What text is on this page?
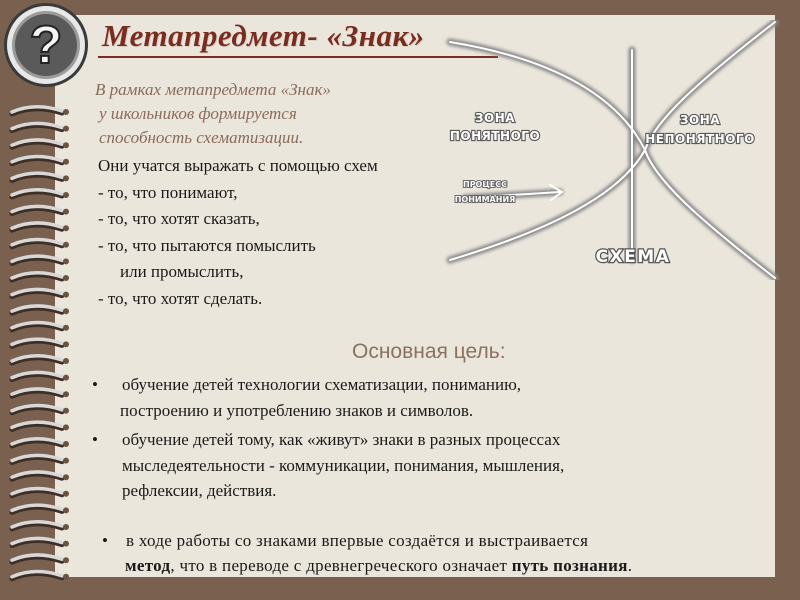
? Метапредмет- «Знак»
ЗОНА
ПОНЯТНОГО
ЗОНА
НЕПОНЯТНОГО
ПРОЦЕСС
ПОНИМАНИЯ
СХЕМА
В рамках метапредмета «Знак»
у школьников формируется
способность схематизации.
Они учатся выражать с помощью схем
- то, что понимают,
- то, что хотят сказать,
- то, что пытаются помыслить
или промыслить,
- то, что хотят сделать.
Основная цель:
• обучение детей технологии схематизации, пониманию,
построению и употреблению знаков и символов.
• обучение детей тому, как «живут» знаки в разных процессах
мыследеятельности - коммуникации, понимания, мышления,
рефлексии, действия.
•	в ходе работы со знаками впервые создаётся и выстраивается
метод, что в переводе с древнегреческого означает путь познания.
